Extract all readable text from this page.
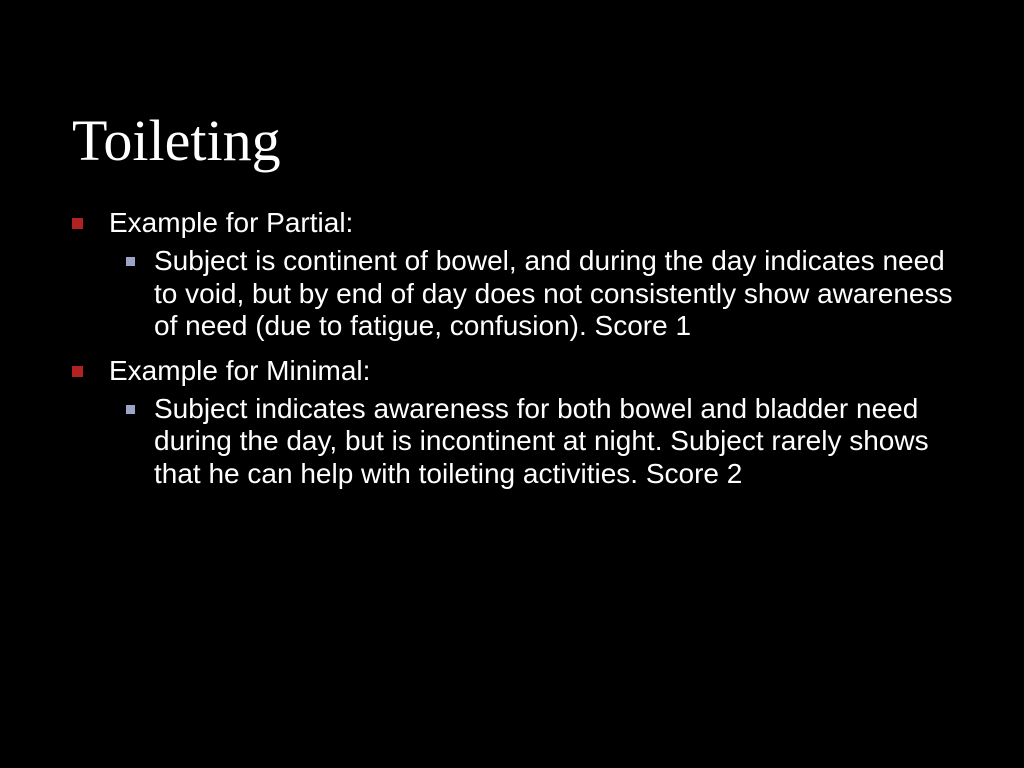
Toileting
Example for Partial:
Subject is continent of bowel, and during the day indicates need to void, but by end of day does not consistently show awareness of need (due to fatigue, confusion). Score 1
Example for Minimal:
Subject indicates awareness for both bowel and bladder need during the day, but is incontinent at night. Subject rarely shows that he can help with toileting activities. Score 2
